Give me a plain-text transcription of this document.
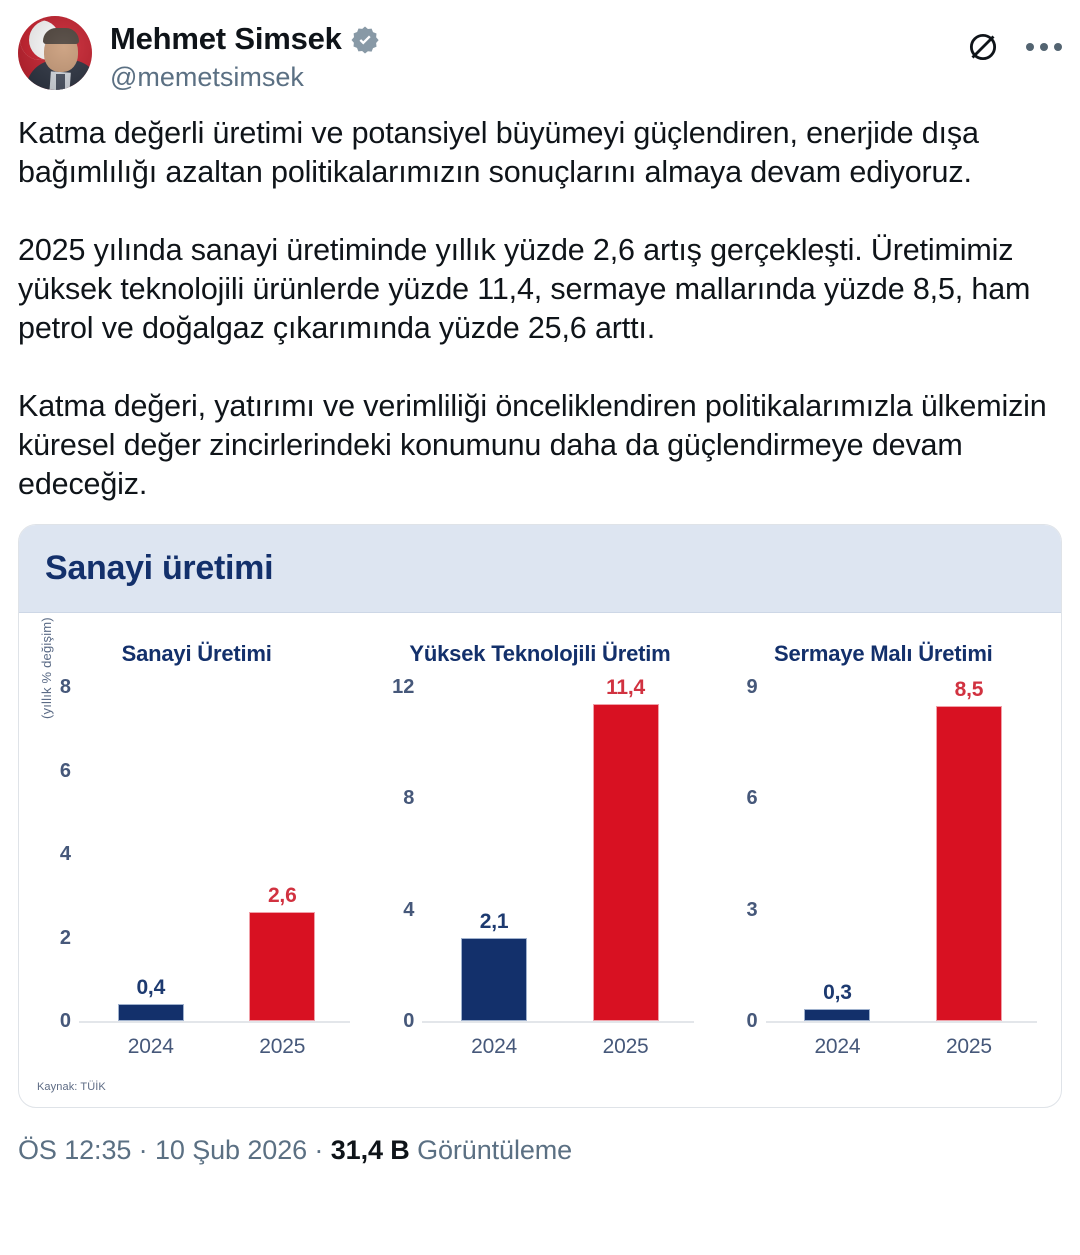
Mehmet Simsek
@memetsimsek

Katma değerli üretimi ve potansiyel büyümeyi güçlendiren, enerjide dışa bağımlılığı azaltan politikalarımızın sonuçlarını almaya devam ediyoruz.

2025 yılında sanayi üretiminde yıllık yüzde 2,6 artış gerçekleşti. Üretimimiz yüksek teknolojili ürünlerde yüzde 11,4, sermaye mallarında yüzde 8,5, ham petrol ve doğalgaz çıkarımında yüzde 25,6 arttı.

Katma değeri, yatırımı ve verimliliği önceliklendiren politikalarımızla ülkemizin küresel değer zincirlerindeki konumunu daha da güçlendirmeye devam edeceğiz.

Sanayi üretimi
Sanayi Üretimi
(yıllık % değişim)
0
2
4
6
8
0,4
2024
2,6
2025
Yüksek Teknolojili Üretim
0
4
8
12
2,1
2024
11,4
2025
Sermaye Malı Üretimi
0
3
6
9
0,3
2024
8,5
2025
Kaynak: TÜİK
ÖS 12:35 · 10 Şub 2026 · 31,4 B Görüntüleme
